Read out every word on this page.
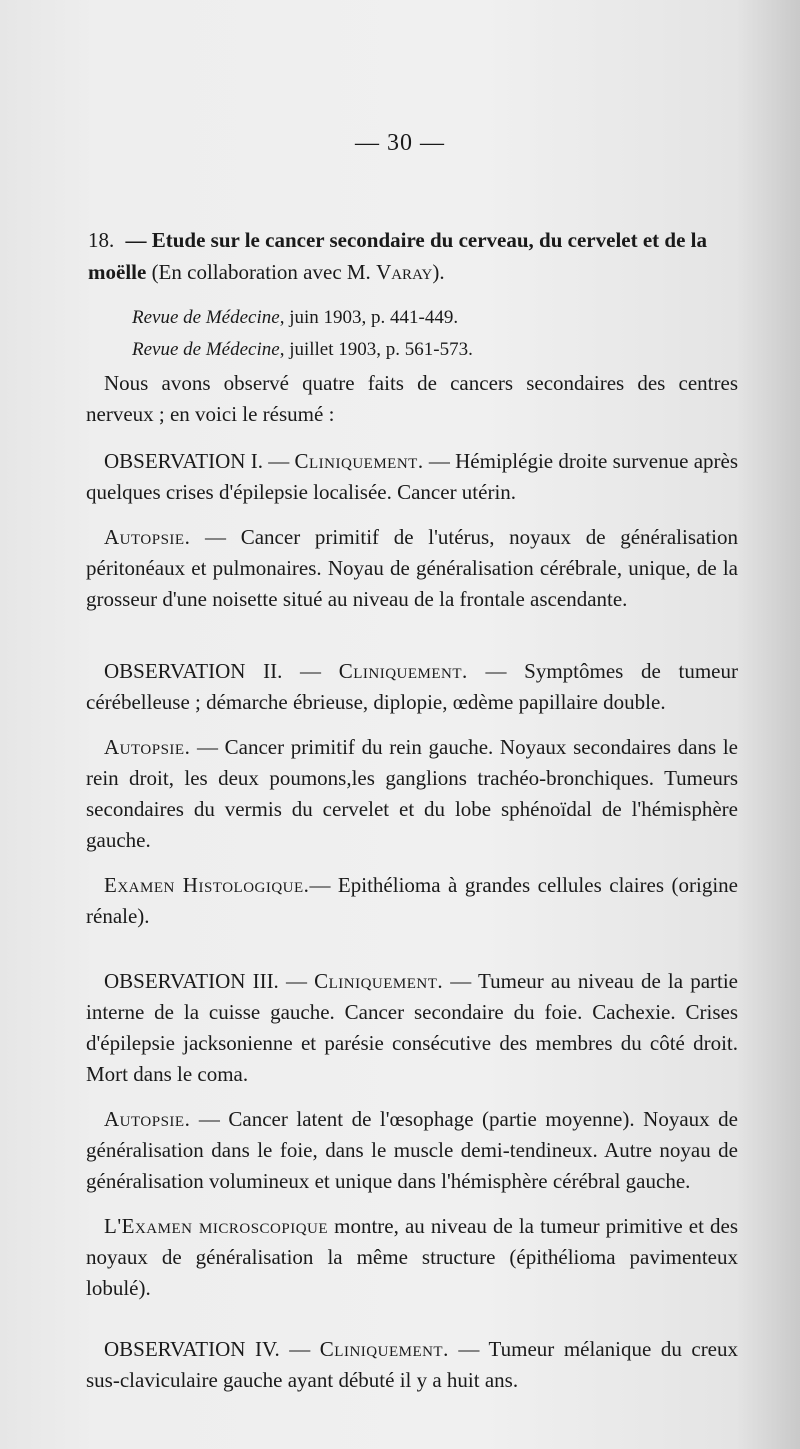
— 30 —
18. — Etude sur le cancer secondaire du cerveau, du cervelet et de la moëlle (En collaboration avec M. Varay).
Revue de Médecine, juin 1903, p. 441-449.
Revue de Médecine, juillet 1903, p. 561-573.

Nous avons observé quatre faits de cancers secondaires des centres nerveux ; en voici le résumé :

OBSERVATION I. — Cliniquement. — Hémiplégie droite survenue après quelques crises d'épilepsie localisée. Cancer utérin.

Autopsie. — Cancer primitif de l'utérus, noyaux de généralisation péritonéaux et pulmonaires. Noyau de généralisation cérébrale, unique, de la grosseur d'une noisette situé au niveau de la frontale ascendante.

OBSERVATION II. — Cliniquement. — Symptômes de tumeur cérébelleuse ; démarche ébrieuse, diplopie, œdème papillaire double.

Autopsie. — Cancer primitif du rein gauche. Noyaux secondaires dans le rein droit, les deux poumons,les ganglions trachéo-bronchiques. Tumeurs secondaires du vermis du cervelet et du lobe sphénoïdal de l'hémisphère gauche.

Examen Histologique.— Epithélioma à grandes cellules claires (origine rénale).

OBSERVATION III. — Cliniquement. — Tumeur au niveau de la partie interne de la cuisse gauche. Cancer secondaire du foie. Cachexie. Crises d'épilepsie jacksonienne et parésie consécutive des membres du côté droit. Mort dans le coma.

Autopsie. — Cancer latent de l'œsophage (partie moyenne). Noyaux de généralisation dans le foie, dans le muscle demi-tendineux. Autre noyau de généralisation volumineux et unique dans l'hémisphère cérébral gauche.

L'Examen microscopique montre, au niveau de la tumeur primitive et des noyaux de généralisation la même structure (épithélioma pavimenteux lobulé).

OBSERVATION IV. — Cliniquement. — Tumeur mélanique du creux sus-claviculaire gauche ayant débuté il y a huit ans.
